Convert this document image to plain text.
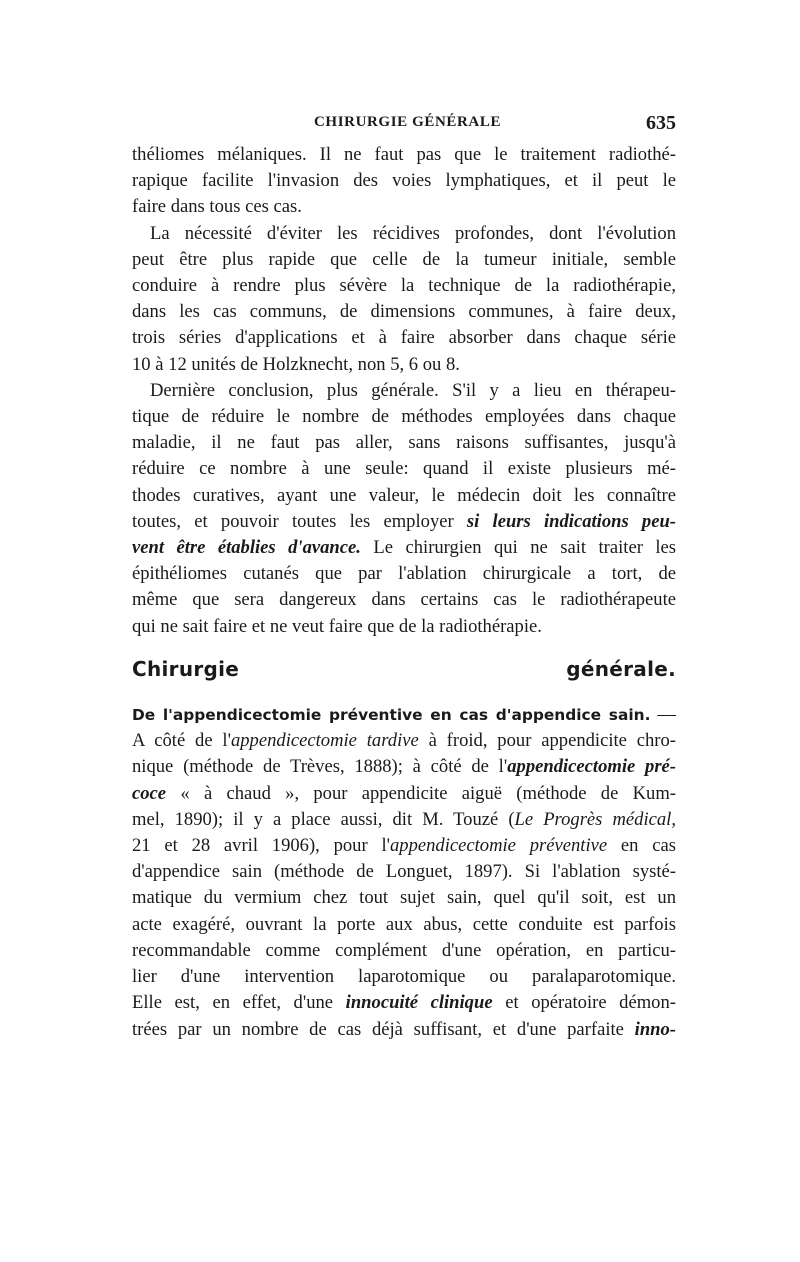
CHIRURGIE GÉNÉRALE	635
théliomes mélaniques. Il ne faut pas que le traitement radiothé-
rapique facilite l'invasion des voies lymphatiques, et il peut le
faire dans tous ces cas.
La nécessité d'éviter les récidives profondes, dont l'évolution
peut être plus rapide que celle de la tumeur initiale, semble
conduire à rendre plus sévère la technique de la radiothérapie,
dans les cas communs, de dimensions communes, à faire deux,
trois séries d'applications et à faire absorber dans chaque série
10 à 12 unités de Holzknecht, non 5, 6 ou 8.
Dernière conclusion, plus générale. S'il y a lieu en thérapeu-
tique de réduire le nombre de méthodes employées dans chaque
maladie, il ne faut pas aller, sans raisons suffisantes, jusqu'à
réduire ce nombre à une seule: quand il existe plusieurs mé-
thodes curatives, ayant une valeur, le médecin doit les connaître
toutes, et pouvoir toutes les employer si leurs indications peu-
vent être établies d'avance. Le chirurgien qui ne sait traiter les
épithéliomes cutanés que par l'ablation chirurgicale a tort, de
même que sera dangereux dans certains cas le radiothérapeute
qui ne sait faire et ne veut faire que de la radiothérapie.
Chirurgie générale.
De l'appendicectomie préventive en cas d'appendice sain. —
A côté de l'appendicectomie tardive à froid, pour appendicite chro-
nique (méthode de Trèves, 1888); à côté de l'appendicectomie pré-
coce « à chaud », pour appendicite aiguë (méthode de Kum-
mel, 1890); il y a place aussi, dit M. Touzé (Le Progrès médical,
21 et 28 avril 1906), pour l'appendicectomie préventive en cas
d'appendice sain (méthode de Longuet, 1897). Si l'ablation systé-
matique du vermium chez tout sujet sain, quel qu'il soit, est un
acte exagéré, ouvrant la porte aux abus, cette conduite est parfois
recommandable comme complément d'une opération, en particu-
lier d'une intervention laparotomique ou paralaparotomique.
Elle est, en effet, d'une innocuité clinique et opératoire démon-
trées par un nombre de cas déjà suffisant, et d'une parfaite inno-
